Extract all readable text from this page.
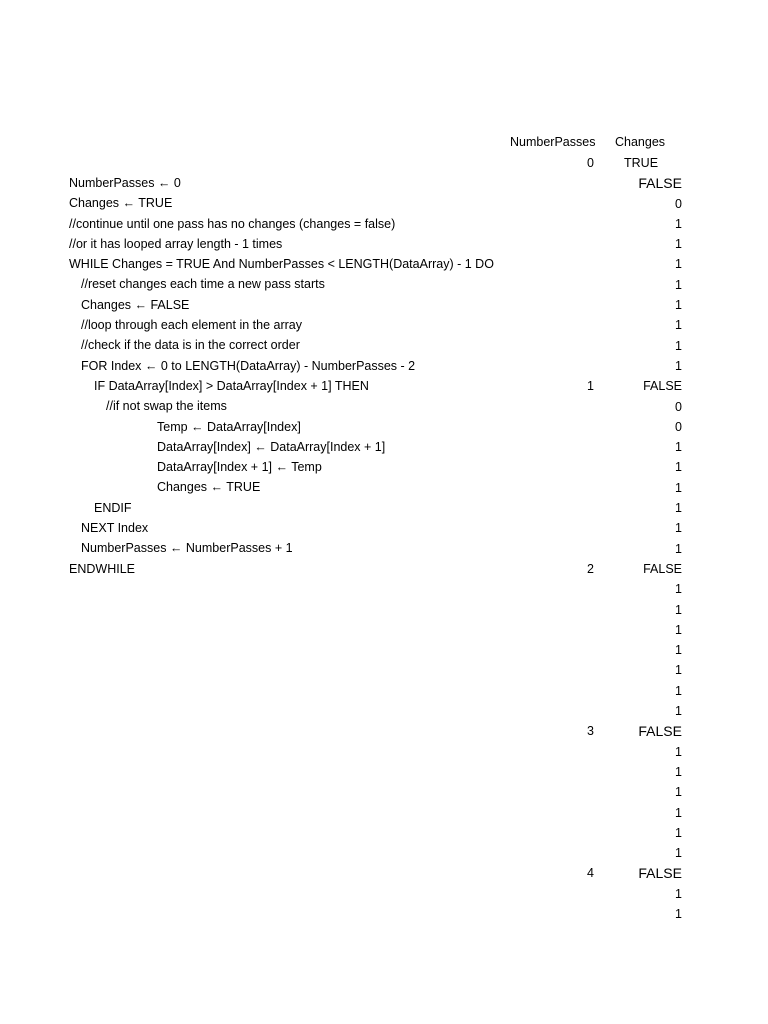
NumberPasses Changes
NumberPasses ← 0
Changes ← TRUE
//continue until one pass has no changes (changes = false)
//or it has looped array length - 1 times
WHILE Changes = TRUE And NumberPasses < LENGTH(DataArray) - 1 DO
//reset changes each time a new pass starts
Changes ← FALSE
//loop through each element in the array
//check if the data is in the correct order
FOR Index ← 0 to LENGTH(DataArray) - NumberPasses - 2
IF DataArray[Index] > DataArray[Index + 1] THEN
//if not swap the items
Temp ← DataArray[Index]
DataArray[Index] ← DataArray[Index + 1]
DataArray[Index + 1] ← Temp
Changes ← TRUE
ENDIF
NEXT Index
NumberPasses ← NumberPasses + 1
ENDWHILE
0
1
2
3
4
TRUE
FALSE
0
1
1
1
1
1
1
1
1
FALSE
0
0
1
1
1
1
1
1
FALSE
1
1
1
1
1
1
1
FALSE
1
1
1
1
1
1
FALSE
1
1
